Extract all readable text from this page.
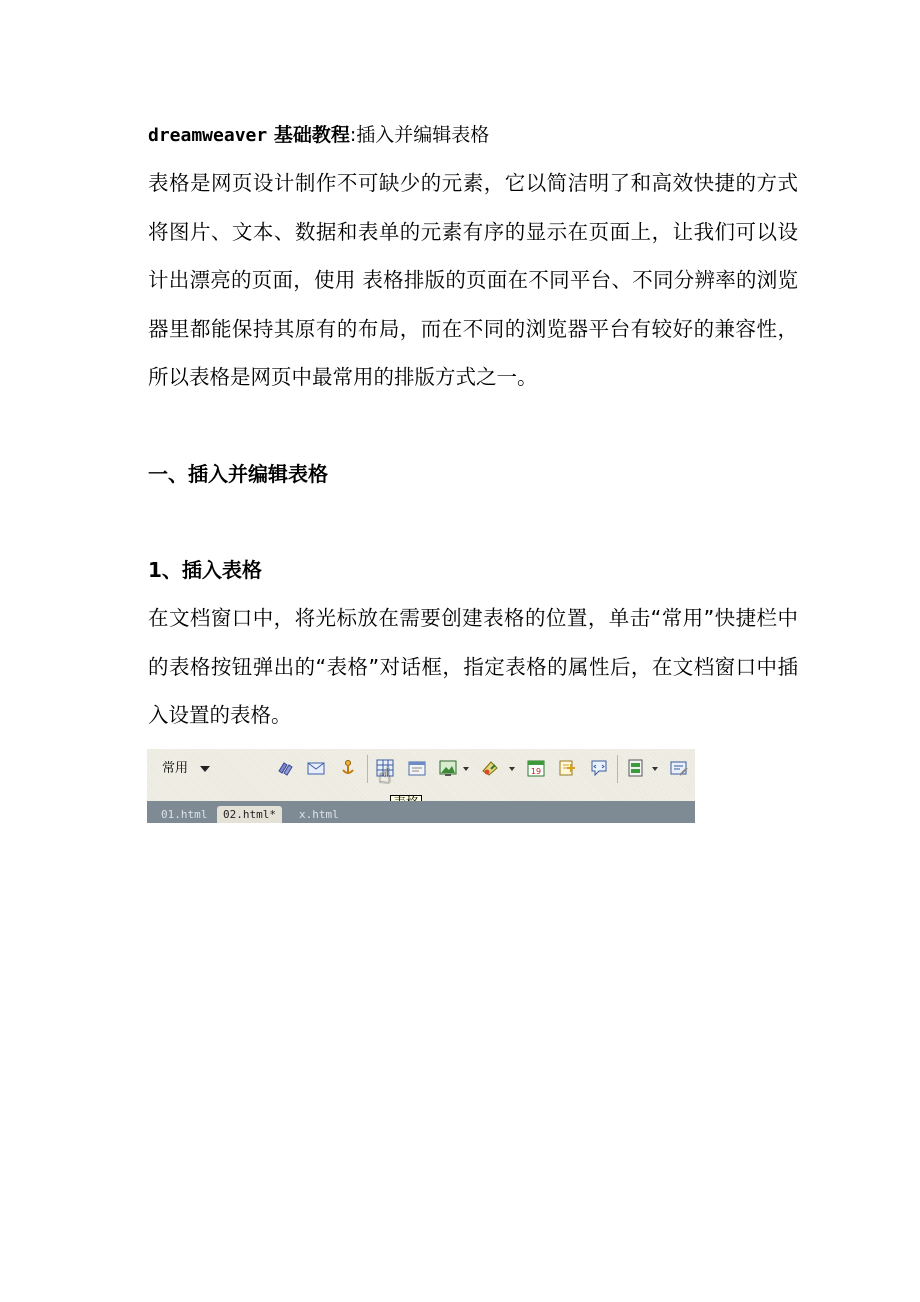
dreamweaver 基础教程:插入并编辑表格
表格是网页设计制作不可缺少的元素，它以简洁明了和高效快捷的方式将图片、文本、数据和表单的元素有序的显示在页面上，让我们可以设计出漂亮的页面，使用 表格排版的页面在不同平台、不同分辨率的浏览器里都能保持其原有的布局，而在不同的浏览器平台有较好的兼容性，所以表格是网页中最常用的排版方式之一。
一、插入并编辑表格
1、插入表格
在文档窗口中，将光标放在需要创建表格的位置，单击“常用”快捷栏中的表格按钮弹出的“表格”对话框，指定表格的属性后，在文档窗口中插入设置的表格。
常用	19
☝
01.html	02.html*	x.html
